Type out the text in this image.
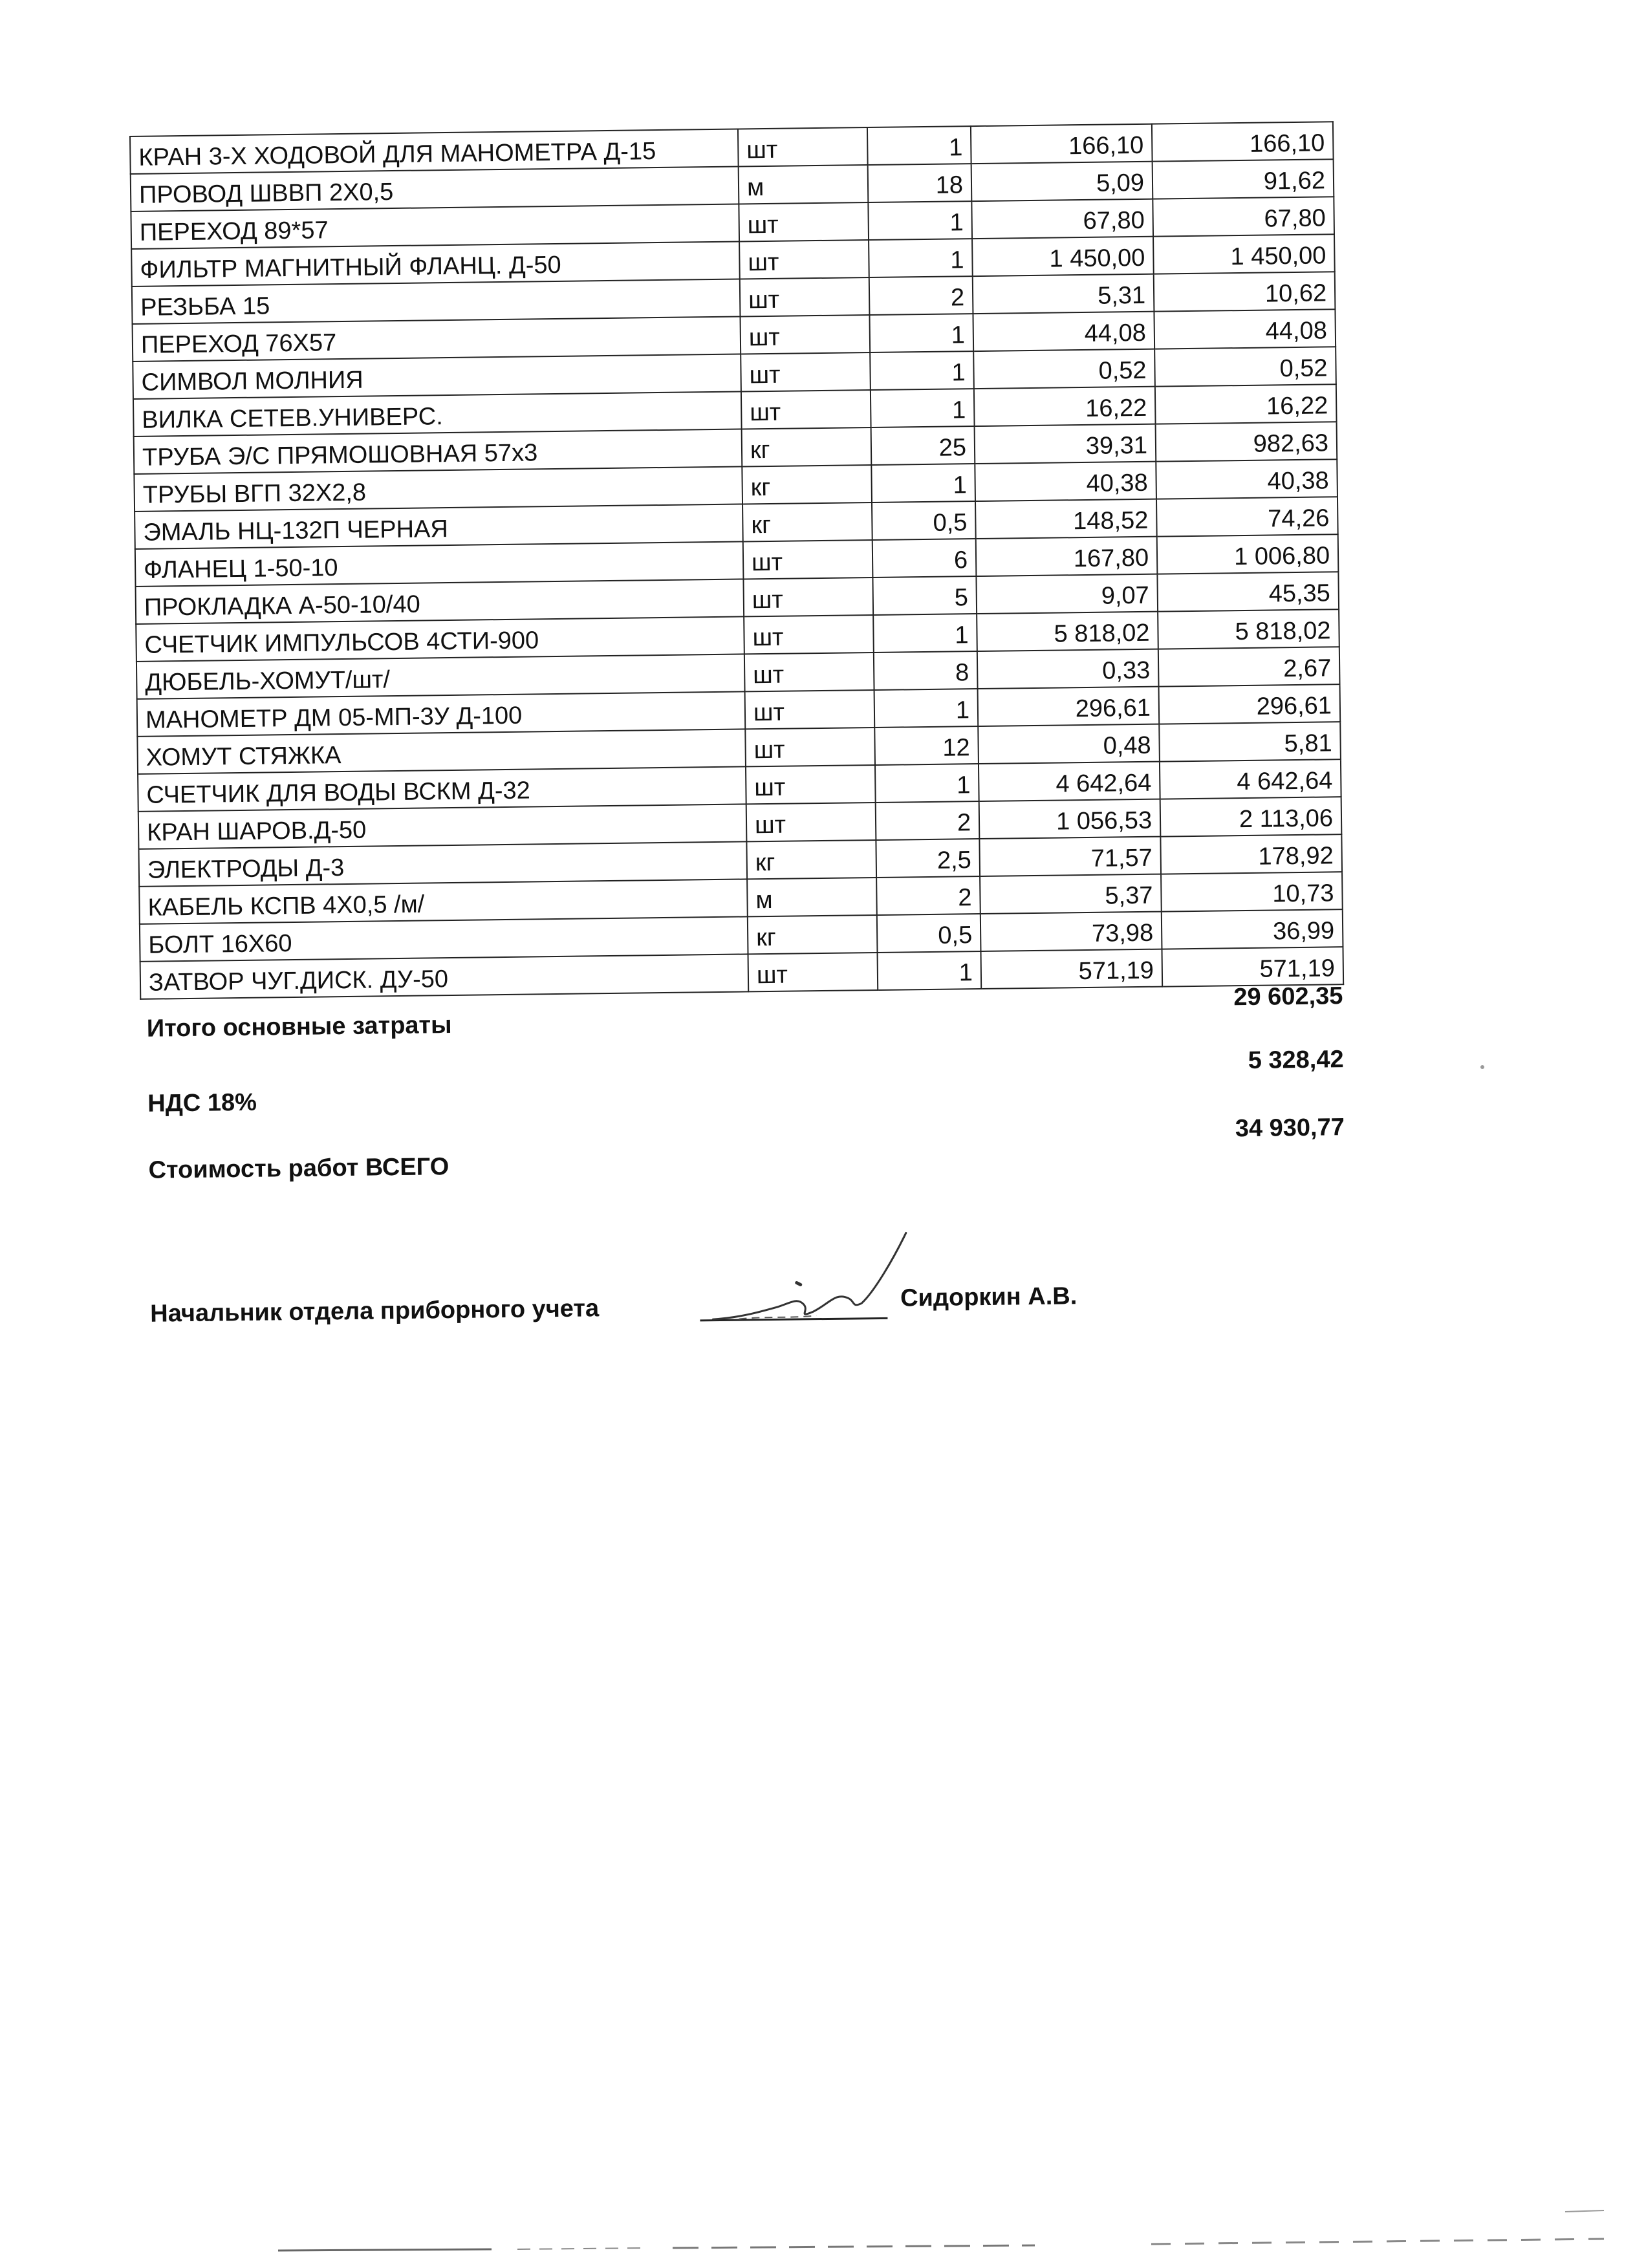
КРАН 3-Х ХОДОВОЙ ДЛЯ МАНОМЕТРА Д-15	шт	1	166,10	166,10
ПРОВОД ШВВП 2Х0,5	м	18	5,09	91,62
ПЕРЕХОД 89*57	шт	1	67,80	67,80
ФИЛЬТР МАГНИТНЫЙ ФЛАНЦ. Д-50	шт	1	1 450,00	1 450,00
РЕЗЬБА 15	шт	2	5,31	10,62
ПЕРЕХОД 76Х57	шт	1	44,08	44,08
СИМВОЛ МОЛНИЯ	шт	1	0,52	0,52
ВИЛКА СЕТЕВ.УНИВЕРС.	шт	1	16,22	16,22
ТРУБА Э/С ПРЯМОШОВНАЯ 57х3	кг	25	39,31	982,63
ТРУБЫ ВГП 32Х2,8	кг	1	40,38	40,38
ЭМАЛЬ НЦ-132П ЧЕРНАЯ	кг	0,5	148,52	74,26
ФЛАНЕЦ 1-50-10	шт	6	167,80	1 006,80
ПРОКЛАДКА А-50-10/40	шт	5	9,07	45,35
СЧЕТЧИК ИМПУЛЬСОВ 4СТИ-900	шт	1	5 818,02	5 818,02
ДЮБЕЛЬ-ХОМУТ/шт/	шт	8	0,33	2,67
МАНОМЕТР ДМ 05-МП-3У Д-100	шт	1	296,61	296,61
ХОМУТ СТЯЖКА	шт	12	0,48	5,81
СЧЕТЧИК ДЛЯ ВОДЫ ВСКМ Д-32	шт	1	4 642,64	4 642,64
КРАН ШАРОВ.Д-50	шт	2	1 056,53	2 113,06
ЭЛЕКТРОДЫ Д-3	кг	2,5	71,57	178,92
КАБЕЛЬ КСПВ 4Х0,5 /м/	м	2	5,37	10,73
БОЛТ 16Х60	кг	0,5	73,98	36,99
ЗАТВОР ЧУГ.ДИСК. ДУ-50	шт	1	571,19	571,19
Итого основные затраты
29 602,35
НДС 18%
5 328,42
Стоимость работ ВСЕГО
34 930,77
Начальник отдела приборного учета	Сидоркин А.В.
